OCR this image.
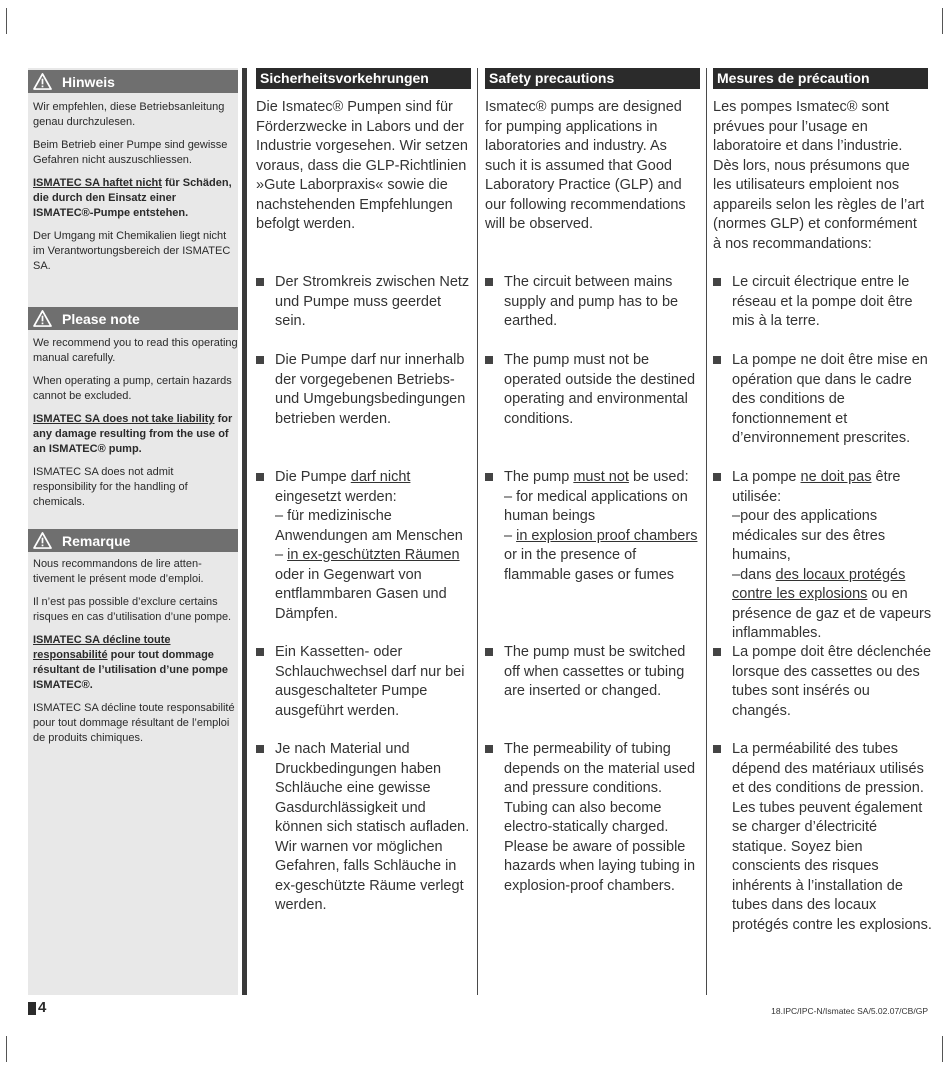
Hinweis

Wir empfehlen, diese Betriebsanleitung genau durchzulesen.

Beim Betrieb einer Pumpe sind gewisse Gefahren nicht auszuschliessen.

ISMATEC SA haftet nicht für Schäden, die durch den Einsatz einer ISMATEC®-Pumpe entstehen.

Der Umgang mit Chemikalien liegt nicht im Verantwortungsbereich der ISMATEC SA.

Please note

We recommend you to read this operating manual carefully.

When operating a pump, certain hazards cannot be excluded.

ISMATEC SA does not take liability for any damage resulting from the use of an ISMATEC® pump.

ISMATEC SA does not admit responsibility for the handling of chemicals.

Remarque

Nous recommandons de lire atten-tivement le présent mode d’emploi.

Il n’est pas possible d’exclure certains risques en cas d’utilisation d’une pompe.

ISMATEC SA décline toute responsabilité pour tout dommage résultant de l’utilisation d’une pompe ISMATEC®.

ISMATEC SA décline toute responsabilité pour tout dommage résultant de l’emploi de produits chimiques.

Sicherheitsvorkehrungen
Die Ismatec® Pumpen sind für Förderzwecke in Labors und der Industrie vorgesehen. Wir setzen voraus, dass die GLP-Richtlinien »Gute Laborpraxis« sowie die nachstehenden Empfehlungen befolgt werden.
Der Stromkreis zwischen Netz und Pumpe muss geerdet sein.
Die Pumpe darf nur innerhalb der vorgegebenen Betriebs- und Umgebungsbedingungen betrieben werden.
Die Pumpe darf nicht eingesetzt werden:
– für medizinische Anwendungen am Menschen
– in ex-geschützten Räumen oder in Gegenwart von entflammbaren Gasen und Dämpfen.
Ein Kassetten- oder Schlauchwechsel darf nur bei ausgeschalteter Pumpe ausgeführt werden.
Je nach Material und Druckbedingungen haben Schläuche eine gewisse Gasdurchlässigkeit und können sich statisch aufladen. Wir warnen vor möglichen Gefahren, falls Schläuche in ex-geschützte Räume verlegt werden.
Safety precautions
Ismatec® pumps are designed for pumping applications in laboratories and industry. As such it is assumed that Good Laboratory Practice (GLP) and our following recommendations will be observed.
The circuit between mains supply and pump has to be earthed.
The pump must not be operated outside the destined operating and environmental conditions.
The pump must not be used:
– for medical applications on human beings
– in explosion proof chambers or in the presence of flammable gases or fumes
The pump must be switched off when cassettes or tubing are inserted or changed.
The permeability of tubing depends on the material used and pressure conditions. Tubing can also become electro-statically charged. Please be aware of possible hazards when laying tubing in explosion-proof chambers.
Mesures de précaution
Les pompes Ismatec® sont prévues pour l’usage en laboratoire et dans l’industrie. Dès lors, nous présumons que les utilisateurs emploient nos appareils selon les règles de l’art (normes GLP) et conformément à nos recommandations:
Le circuit électrique entre le réseau et la pompe doit être mis à la terre.
La pompe ne doit être mise en opération que dans le cadre des conditions de fonctionnement et d’environnement prescrites.
La pompe ne doit pas être utilisée:
–pour des applications médicales sur des êtres humains,
–dans des locaux protégés contre les explosions ou en présence de gaz et de vapeurs inflammables.
La pompe doit être déclenchée lorsque des cassettes ou des tubes sont insérés ou changés.
La perméabilité des tubes dépend des matériaux utilisés et des conditions de pression. Les tubes peuvent également se charger d’électricité statique. Soyez bien conscients des risques inhérents à l’installation de tubes dans des locaux protégés contre les explosions.
4	18.IPC/IPC-N/Ismatec SA/5.02.07/CB/GP
